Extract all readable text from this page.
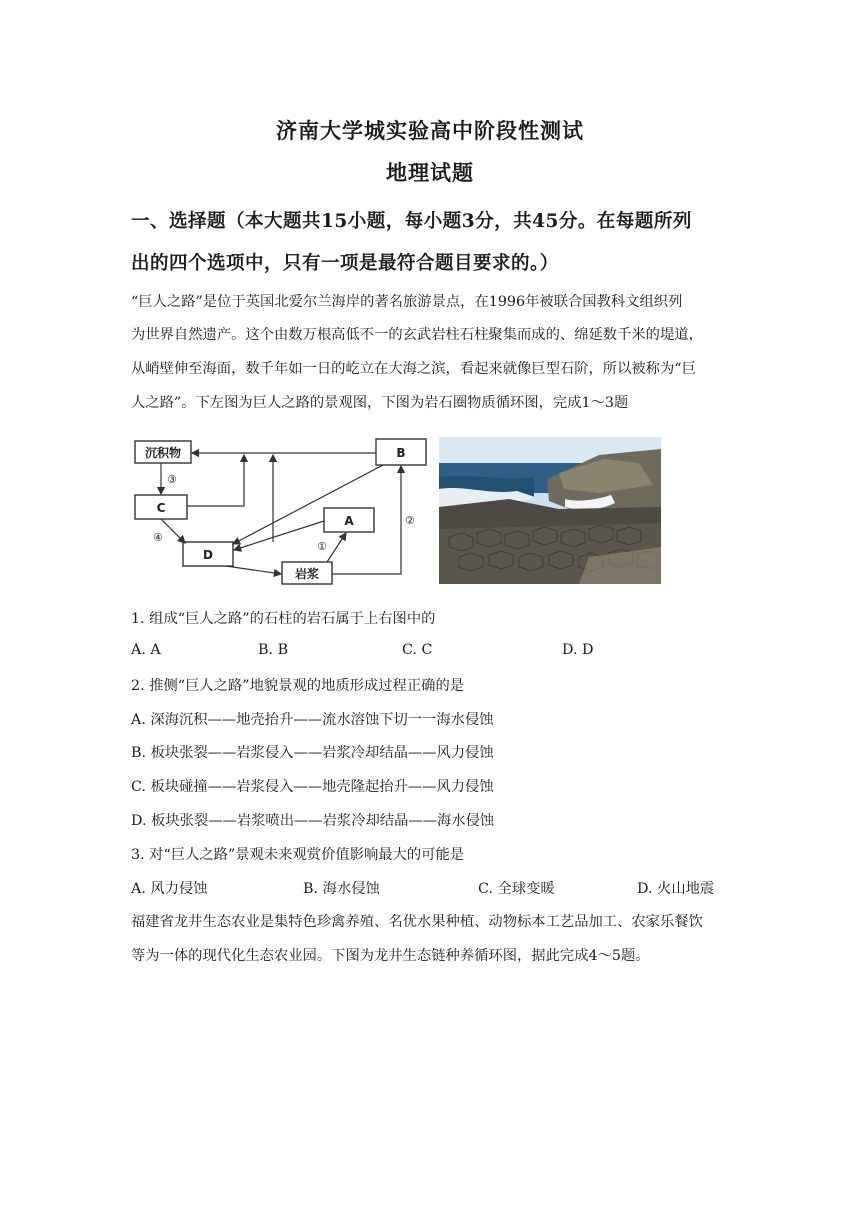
济南大学城实验高中阶段性测试
地理试题
一、选择题（本大题共15小题，每小题3分，共45分。在每题所列
出的四个选项中，只有一项是最符合题目要求的。）
“巨人之路”是位于英国北爱尔兰海岸的著名旅游景点，在1996年被联合国教科文组织列
为世界自然遗产。这个由数万根高低不一的玄武岩柱石柱聚集而成的、绵延数千米的堤道，
从峭壁伸至海面，数千年如一日的屹立在大海之滨，看起来就像巨型石阶，所以被称为“巨
人之路”。下左图为巨人之路的景观图，下图为岩石圈物质循环图，完成1～3题
沉积物	B
C
A
D
岩浆
③
④
①
②
1. 组成“巨人之路”的石柱的岩石属于上右图中的
A. A	B. B	C. C	D. D
2. 推侧“巨人之路”地貌景观的地质形成过程正确的是
A. 深海沉积——地壳抬升——流水溶蚀下切一一海水侵蚀
B. 板块张裂——岩浆侵入——岩浆冷却结晶——风力侵蚀
C. 板块碰撞——岩浆侵入——地壳隆起抬升——风力侵蚀
D. 板块张裂——岩浆喷出——岩浆冷却结晶——海水侵蚀
3. 对“巨人之路”景观未来观赏价值影响最大的可能是
A. 风力侵蚀	B. 海水侵蚀	C. 全球变暖	D. 火山地震
福建省龙井生态农业是集特色珍禽养殖、名优水果种植、动物标本工艺品加工、农家乐餐饮
等为一体的现代化生态农业园。下图为龙井生态链种养循环图，据此完成4～5题。
